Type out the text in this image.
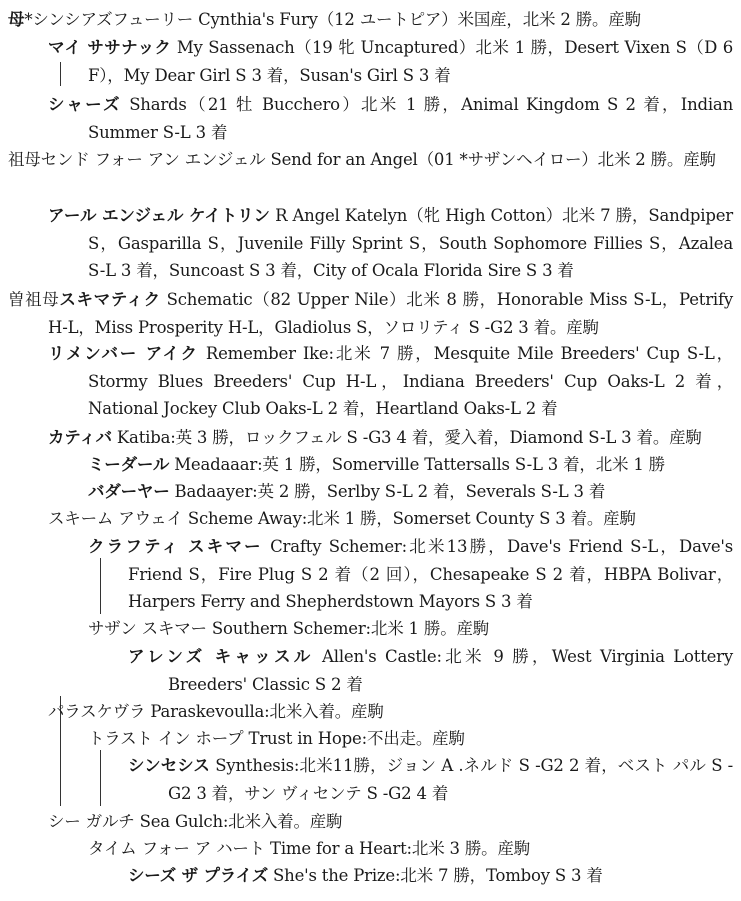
母*シンシアズフューリー Cynthia's Fury（12 ユートピア）米国産，北米 2 勝。産駒

マイ ササナック My Sassenach（19 牝 Uncaptured）北米 1 勝，Desert Vixen S（D 6 F），My Dear Girl S 3 着，Susan's Girl S 3 着

シャーズ Shards（21 牡 Bucchero）北米 1 勝，Animal Kingdom S 2 着，Indian Summer S-L 3 着

祖母センド フォー アン エンジェル Send for an Angel（01 *サザンヘイロー）北米 2 勝。産駒

アール エンジェル ケイトリン R Angel Katelyn（牝 High Cotton）北米 7 勝，Sandpiper S，Gasparilla S，Juvenile Filly Sprint S，South Sophomore Fillies S，Azalea S-L 3 着，Suncoast S 3 着，City of Ocala Florida Sire S 3 着

曽祖母スキマティク Schematic（82 Upper Nile）北米 8 勝，Honorable Miss S-L，Petrify H-L，Miss Prosperity H-L，Gladiolus S，ソロリティ S -G2 3 着。産駒

リメンバー アイク Remember Ike:北米 7 勝，Mesquite Mile Breeders' Cup S-L，Stormy Blues Breeders' Cup H-L，Indiana Breeders' Cup Oaks-L 2 着，National Jockey Club Oaks-L 2 着，Heartland Oaks-L 2 着

カティバ Katiba:英 3 勝，ロックフェル S -G3 4 着，愛入着，Diamond S-L 3 着。産駒

ミーダール Meadaaar:英 1 勝，Somerville Tattersalls S-L 3 着，北米 1 勝

バダーヤー Badaayer:英 2 勝，Serlby S-L 2 着，Severals S-L 3 着

スキーム アウェイ Scheme Away:北米 1 勝，Somerset County S 3 着。産駒

クラフティ スキマー Crafty Schemer:北米13勝，Dave's Friend S-L，Dave's Friend S，Fire Plug S 2 着（2 回），Chesapeake S 2 着，HBPA Bolivar，Harpers Ferry and Shepherdstown Mayors S 3 着

サザン スキマー Southern Schemer:北米 1 勝。産駒

アレンズ キャッスル Allen's Castle:北米 9 勝，West Virginia Lottery Breeders' Classic S 2 着

パラスケヴラ Paraskevoulla:北米入着。産駒

トラスト イン ホープ Trust in Hope:不出走。産駒

シンセシス Synthesis:北米11勝，ジョン A .ネルド S -G2 2 着，ベスト パル S -G2 3 着，サン ヴィセンテ S -G2 4 着

シー ガルチ Sea Gulch:北米入着。産駒

タイム フォー ア ハート Time for a Heart:北米 3 勝。産駒

シーズ ザ プライズ She's the Prize:北米 7 勝，Tomboy S 3 着
